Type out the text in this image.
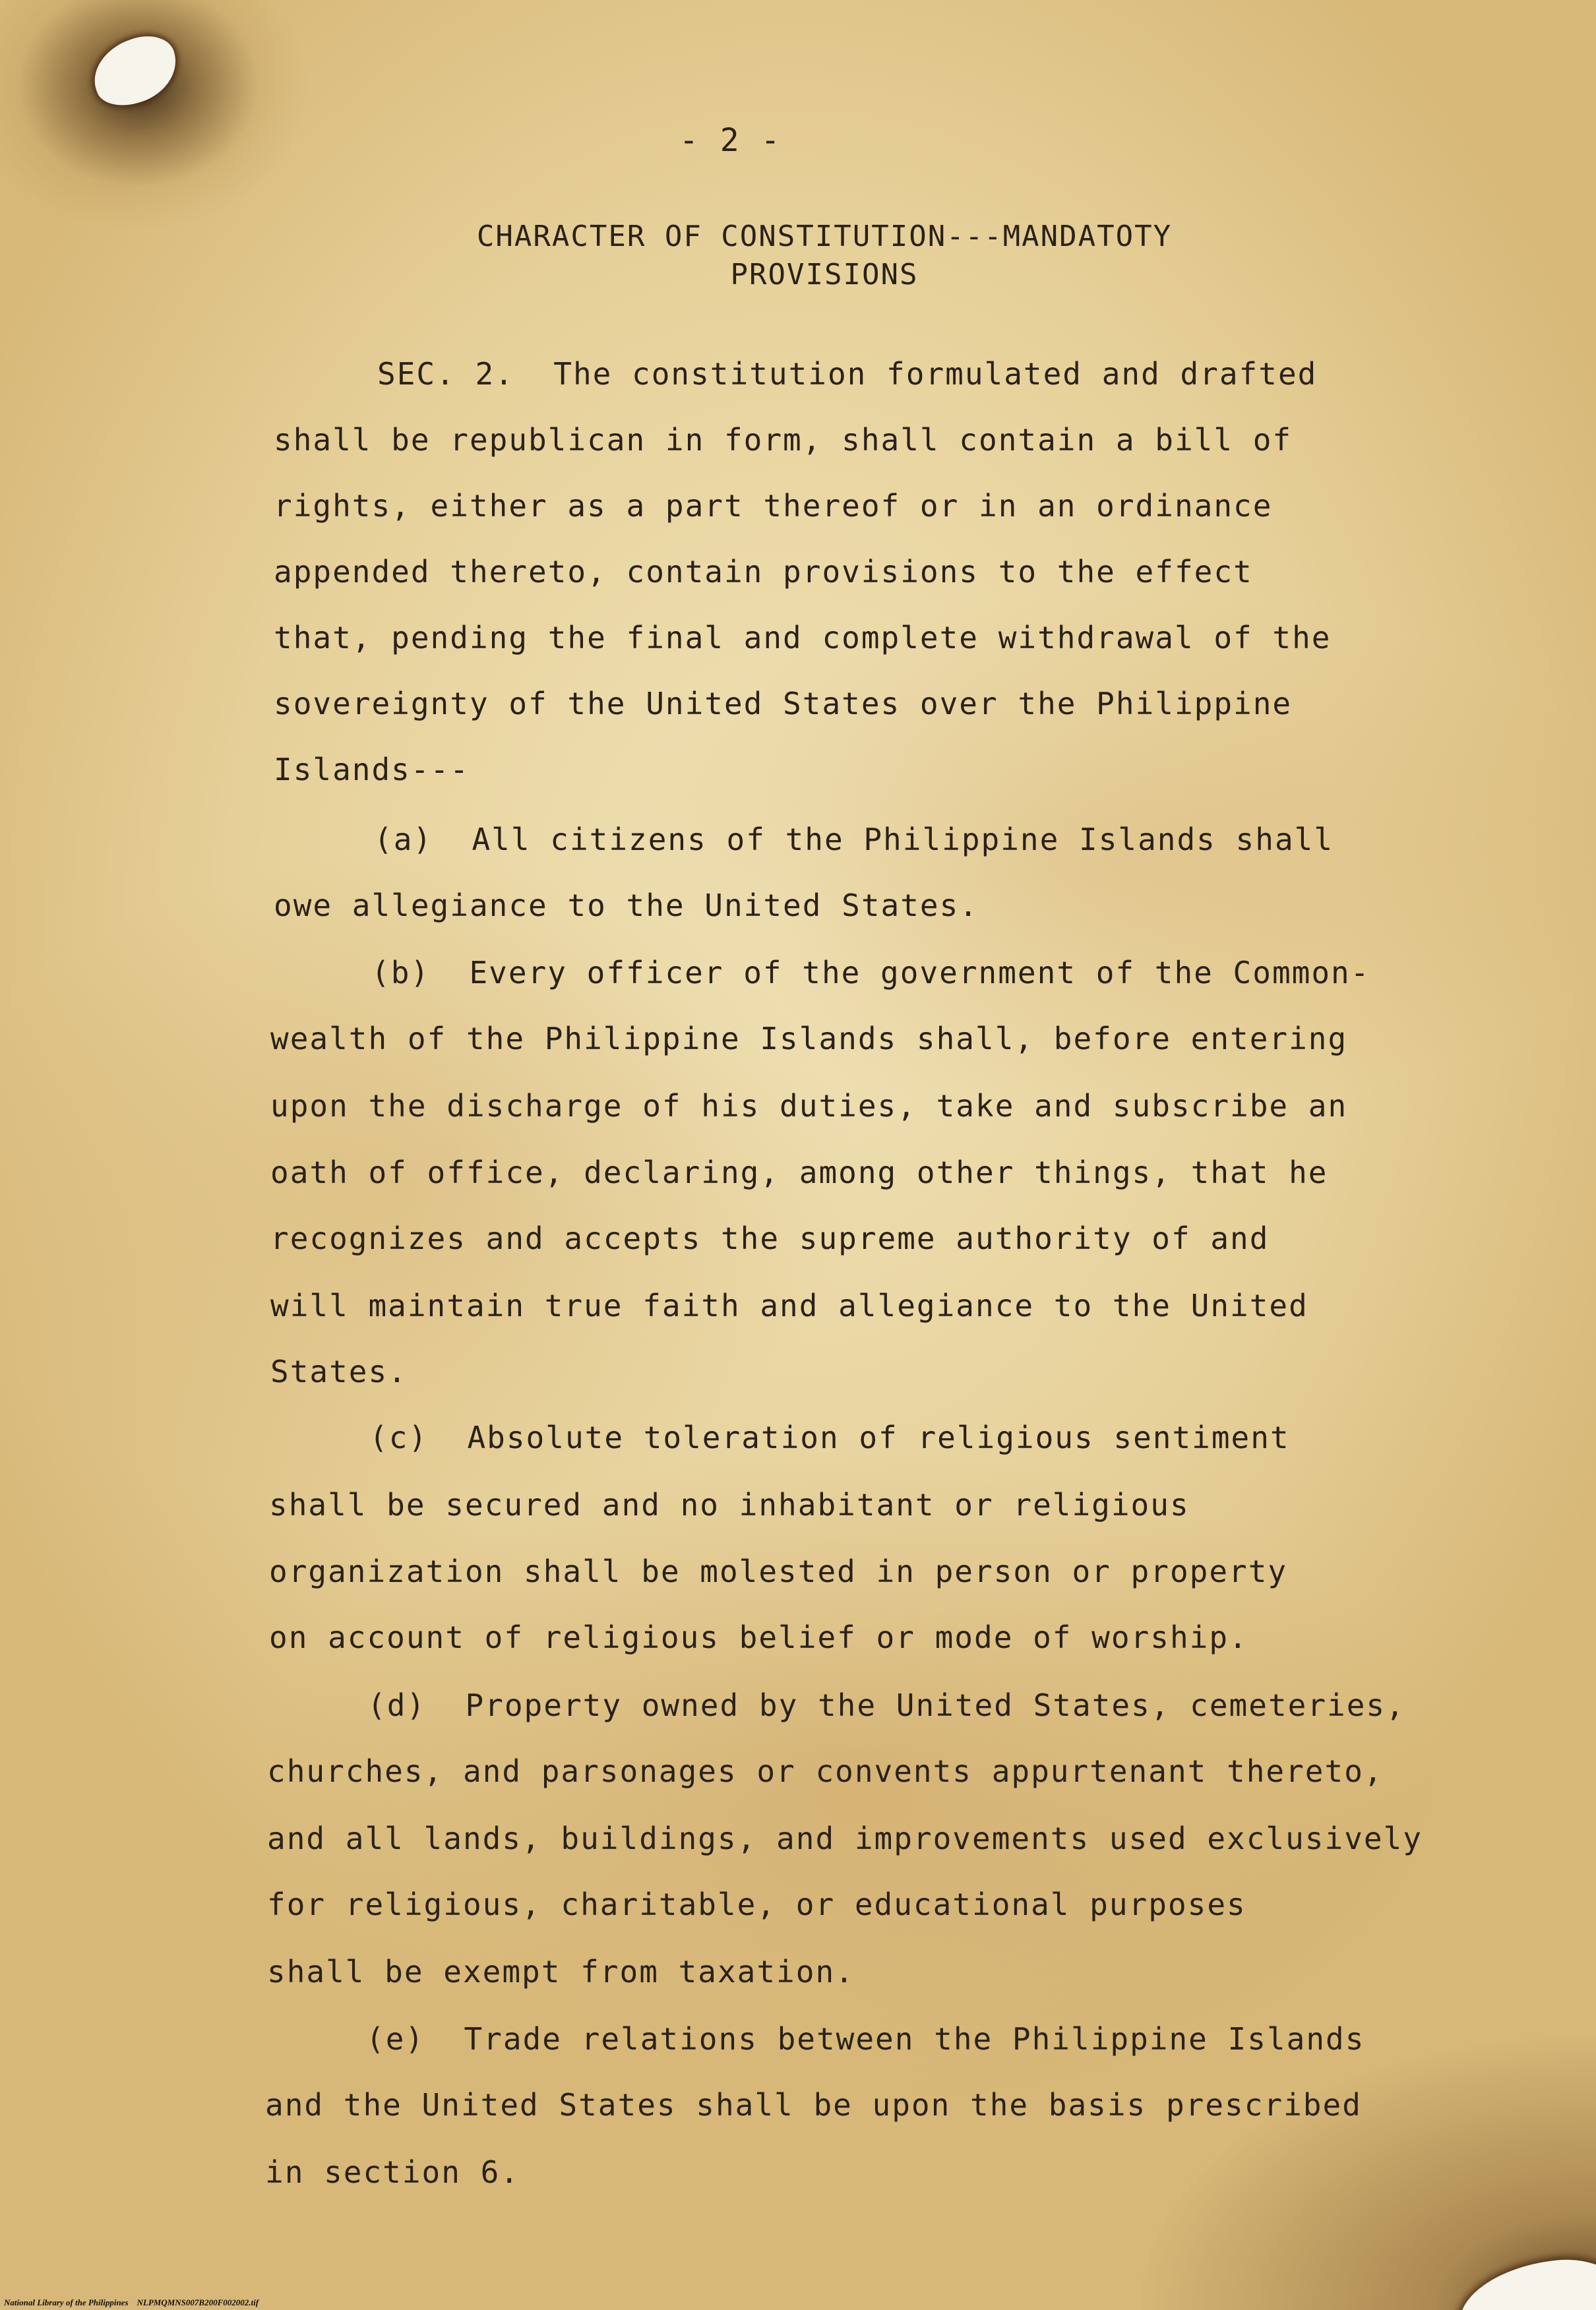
- 2 -
CHARACTER OF CONSTITUTION---MANDATOTY
PROVISIONS
SEC. 2.  The constitution formulated and drafted
shall be republican in form, shall contain a bill of
rights, either as a part thereof or in an ordinance
appended thereto, contain provisions to the effect
that, pending the final and complete withdrawal of the
sovereignty of the United States over the Philippine
Islands---
(a)  All citizens of the Philippine Islands shall
owe allegiance to the United States.
(b)  Every officer of the government of the Common-
wealth of the Philippine Islands shall, before entering
upon the discharge of his duties, take and subscribe an
oath of office, declaring, among other things, that he
recognizes and accepts the supreme authority of and
will maintain true faith and allegiance to the United
States.
(c)  Absolute toleration of religious sentiment
shall be secured and no inhabitant or religious
organization shall be molested in person or property
on account of religious belief or mode of worship.
(d)  Property owned by the United States, cemeteries,
churches, and parsonages or convents appurtenant thereto,
and all lands, buildings, and improvements used exclusively
for religious, charitable, or educational purposes
shall be exempt from taxation.
(e)  Trade relations between the Philippine Islands
and the United States shall be upon the basis prescribed
in section 6.
National Library of the Philippines    NLPMQMNS007B200F002002.tif
